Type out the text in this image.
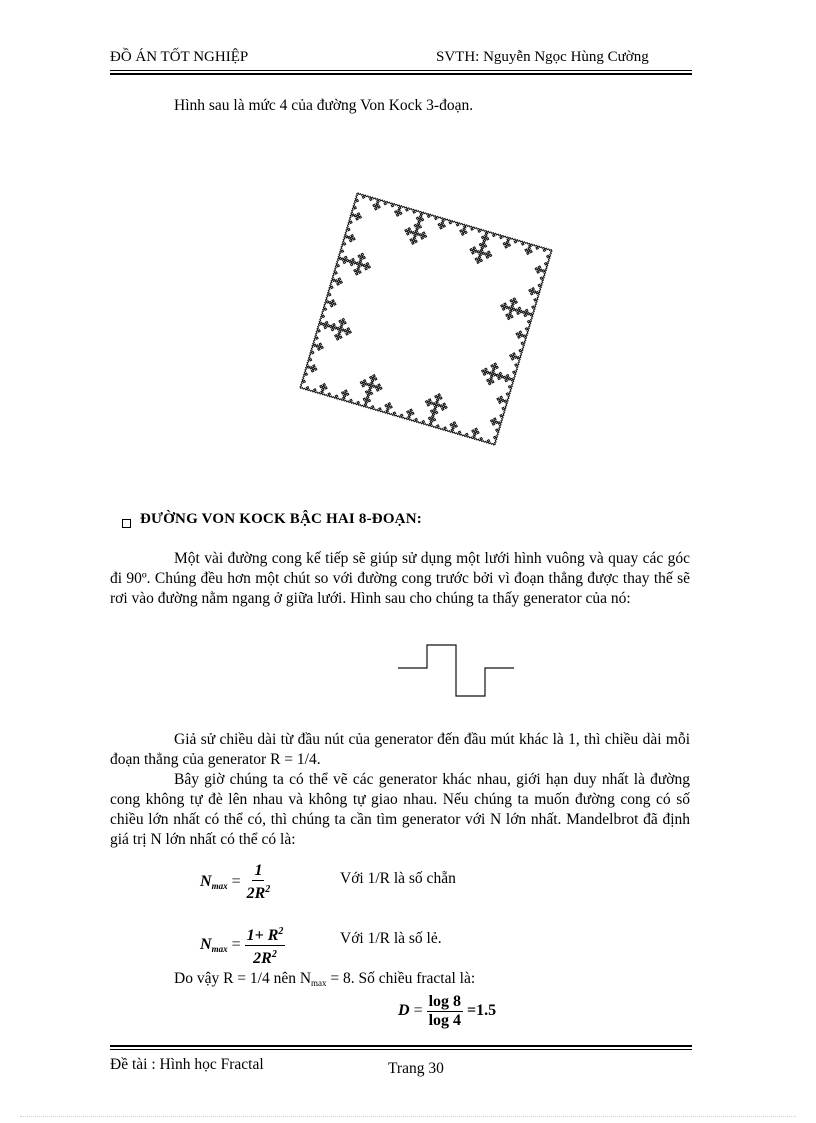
ĐỒ ÁN TỐT NGHIỆP	SVTH: Nguyễn Ngọc Hùng Cường
Hình sau là mức 4 của đường Von Kock 3-đoạn.
ĐƯỜNG VON KOCK BẬC HAI 8-ĐOẠN:
Một vài đường cong kế tiếp sẽ giúp sử dụng một lưới hình vuông và quay các góc đi 90º. Chúng đều hơn một chút so với đường cong trước bởi vì đoạn thẳng được thay thế sẽ rơi vào đường nằm ngang ở giữa lưới. Hình sau cho chúng ta thấy generator của nó:
Giả sử chiều dài từ đầu nút của generator đến đầu mút khác là 1, thì chiều dài mỗi đoạn thẳng của generator R = 1/4.
Bây giờ chúng ta có thể vẽ các generator khác nhau, giới hạn duy nhất là đường cong không tự đè lên nhau và không tự giao nhau. Nếu chúng ta muốn đường cong có số chiều lớn nhất có thể có, thì chúng ta cần tìm generator với N lớn nhất. Mandelbrot đã định giá trị N lớn nhất có thể có là:
$N_{max} = \frac{1}{2R^2}$	Với 1/R là số chẵn
$N_{max} = \frac{1+ R^2}{2R^2}$	Với 1/R là số lẻ.
Do vậy R = 1/4 nên $N_{max} = 8$. Số chiều fractal là:
$D = \frac{\log 8}{\log 4} =1.5$
Đề tài : Hình học Fractal	Trang 30
